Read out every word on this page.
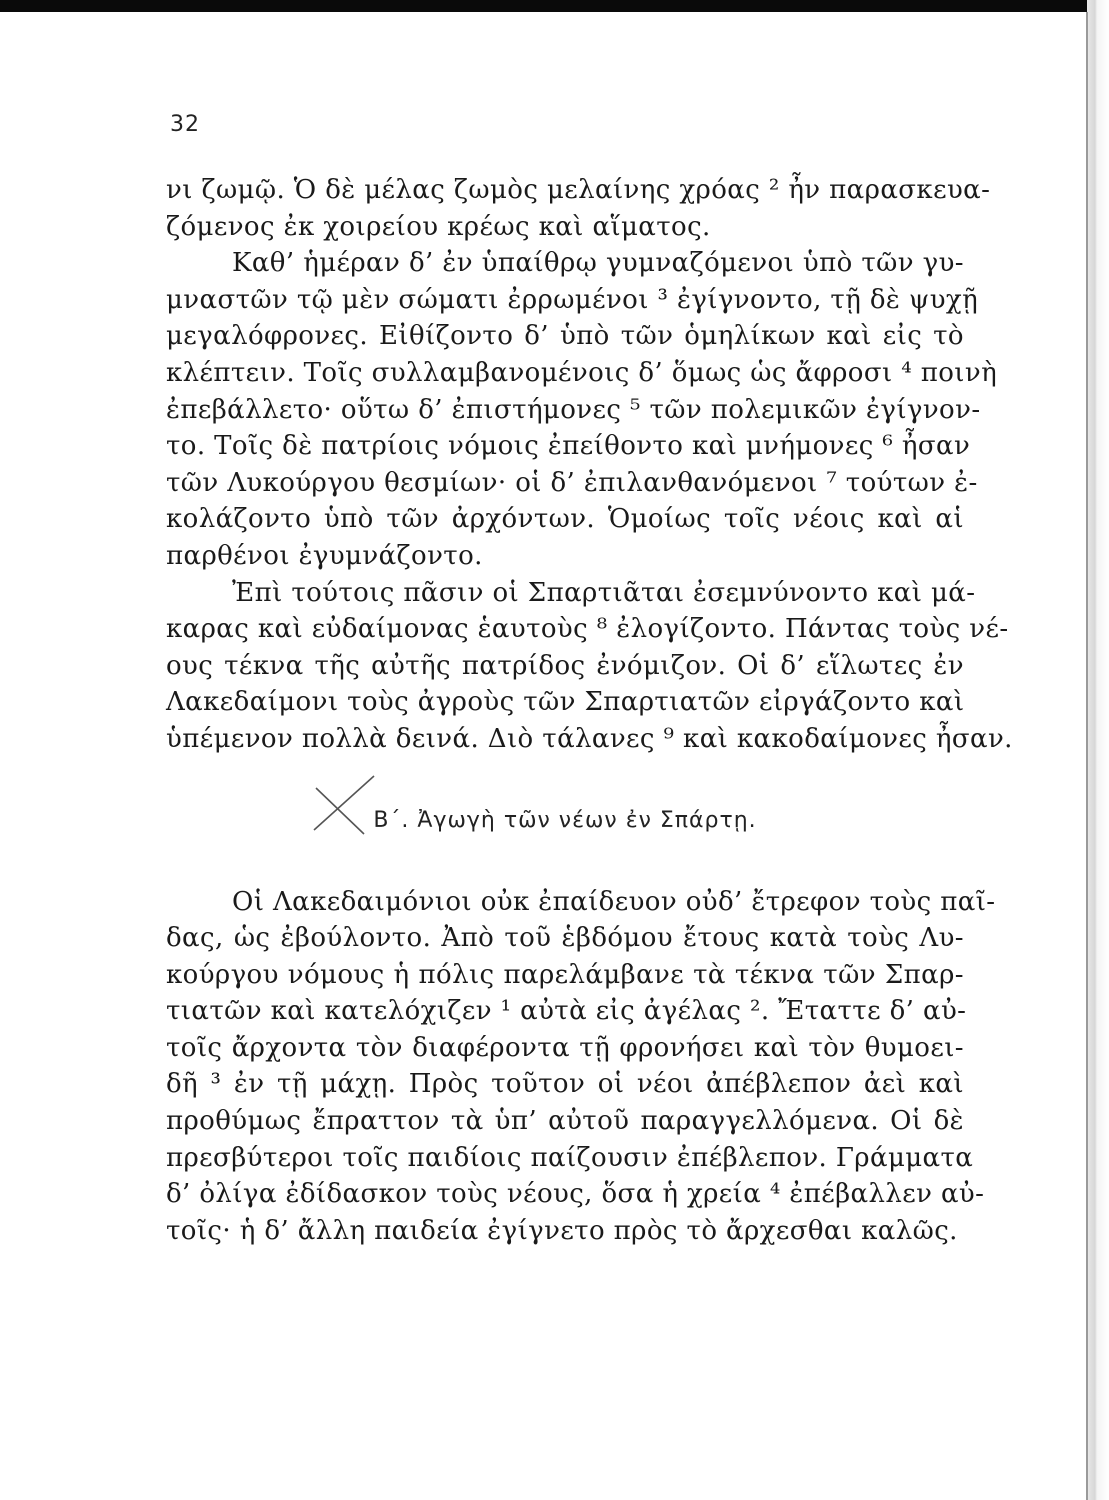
32
νι ζωμῷ. Ὁ δὲ μέλας ζωμὸς μελαίνης χρόας ² ἦν παρασκευα-
ζόμενος ἐκ χοιρείου κρέως καὶ αἵματος.
Καθ’ ἡμέραν δ’ ἐν ὑπαίθρῳ γυμναζόμενοι ὑπὸ τῶν γυ-
μναστῶν τῷ μὲν σώματι ἐρρωμένοι ³ ἐγίγνοντο, τῇ δὲ ψυχῇ
μεγαλόφρονες. Εἰθίζοντο δ’ ὑπὸ τῶν ὁμηλίκων καὶ εἰς τὸ
κλέπτειν. Τοῖς συλλαμβανομένοις δ’ ὅμως ὡς ἄφροσι ⁴ ποινὴ
ἐπεβάλλετο· οὕτω δ’ ἐπιστήμονες ⁵ τῶν πολεμικῶν ἐγίγνον-
το. Τοῖς δὲ πατρίοις νόμοις ἐπείθοντο καὶ μνήμονες ⁶ ἦσαν
τῶν Λυκούργου θεσμίων· οἱ δ’ ἐπιλανθανόμενοι ⁷ τούτων ἐ-
κολάζοντο ὑπὸ τῶν ἀρχόντων. Ὁμοίως τοῖς νέοις καὶ αἱ
παρθένοι ἐγυμνάζοντο.
Ἐπὶ τούτοις πᾶσιν οἱ Σπαρτιᾶται ἐσεμνύνοντο καὶ μά-
καρας καὶ εὐδαίμονας ἑαυτοὺς ⁸ ἐλογίζοντο. Πάντας τοὺς νέ-
ους τέκνα τῆς αὐτῆς πατρίδος ἐνόμιζον. Οἱ δ’ εἵλωτες ἐν
Λακεδαίμονι τοὺς ἀγροὺς τῶν Σπαρτιατῶν εἰργάζοντο καὶ
ὑπέμενον πολλὰ δεινά. Διὸ τάλανες ⁹ καὶ κακοδαίμονες ἦσαν.
Β΄. Ἀγωγὴ τῶν νέων ἐν Σπάρτῃ.
Οἱ Λακεδαιμόνιοι οὐκ ἐπαίδευον οὐδ’ ἔτρεφον τοὺς παῖ-
δας, ὡς ἐβούλοντο. Ἀπὸ τοῦ ἑβδόμου ἔτους κατὰ τοὺς Λυ-
κούργου νόμους ἡ πόλις παρελάμβανε τὰ τέκνα τῶν Σπαρ-
τιατῶν καὶ κατελόχιζεν ¹ αὐτὰ εἰς ἀγέλας ². Ἔταττε δ’ αὐ-
τοῖς ἄρχοντα τὸν διαφέροντα τῇ φρονήσει καὶ τὸν θυμοει-
δῆ ³ ἐν τῇ μάχῃ. Πρὸς τοῦτον οἱ νέοι ἀπέβλεπον ἀεὶ καὶ
προθύμως ἔπραττον τὰ ὑπ’ αὐτοῦ παραγγελλόμενα. Οἱ δὲ
πρεσβύτεροι τοῖς παιδίοις παίζουσιν ἐπέβλεπον. Γράμματα
δ’ ὀλίγα ἐδίδασκον τοὺς νέους, ὅσα ἡ χρεία ⁴ ἐπέβαλλεν αὐ-
τοῖς· ἡ δ’ ἄλλη παιδεία ἐγίγνετο πρὸς τὸ ἄρχεσθαι καλῶς.
